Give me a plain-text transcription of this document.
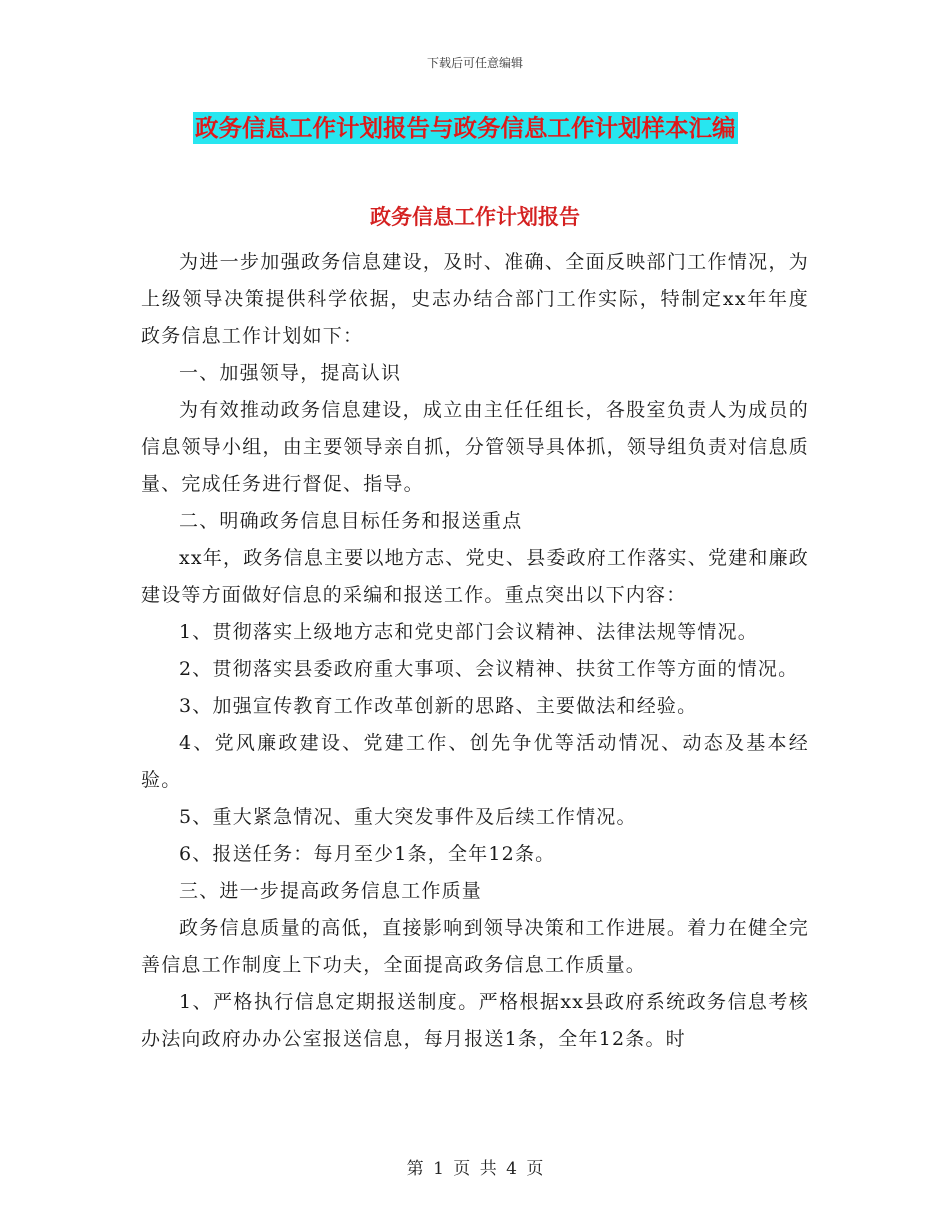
下载后可任意编辑
政务信息工作计划报告与政务信息工作计划样本汇编
政务信息工作计划报告

为进一步加强政务信息建设，及时、准确、全面反映部门工作情况，为上级领导决策提供科学依据，史志办结合部门工作实际，特制定xx年年度政务信息工作计划如下：

一、加强领导，提高认识

为有效推动政务信息建设，成立由主任任组长，各股室负责人为成员的信息领导小组，由主要领导亲自抓，分管领导具体抓，领导组负责对信息质量、完成任务进行督促、指导。

二、明确政务信息目标任务和报送重点

xx年，政务信息主要以地方志、党史、县委政府工作落实、党建和廉政建设等方面做好信息的采编和报送工作。重点突出以下内容：

1、贯彻落实上级地方志和党史部门会议精神、法律法规等情况。

2、贯彻落实县委政府重大事项、会议精神、扶贫工作等方面的情况。

3、加强宣传教育工作改革创新的思路、主要做法和经验。

4、党风廉政建设、党建工作、创先争优等活动情况、动态及基本经验。

5、重大紧急情况、重大突发事件及后续工作情况。

6、报送任务：每月至少1条，全年12条。

三、进一步提高政务信息工作质量

政务信息质量的高低，直接影响到领导决策和工作进展。着力在健全完善信息工作制度上下功夫，全面提高政务信息工作质量。

1、严格执行信息定期报送制度。严格根据xx县政府系统政务信息考核办法向政府办办公室报送信息，每月报送1条，全年12条。时

第 1 页 共 4 页
